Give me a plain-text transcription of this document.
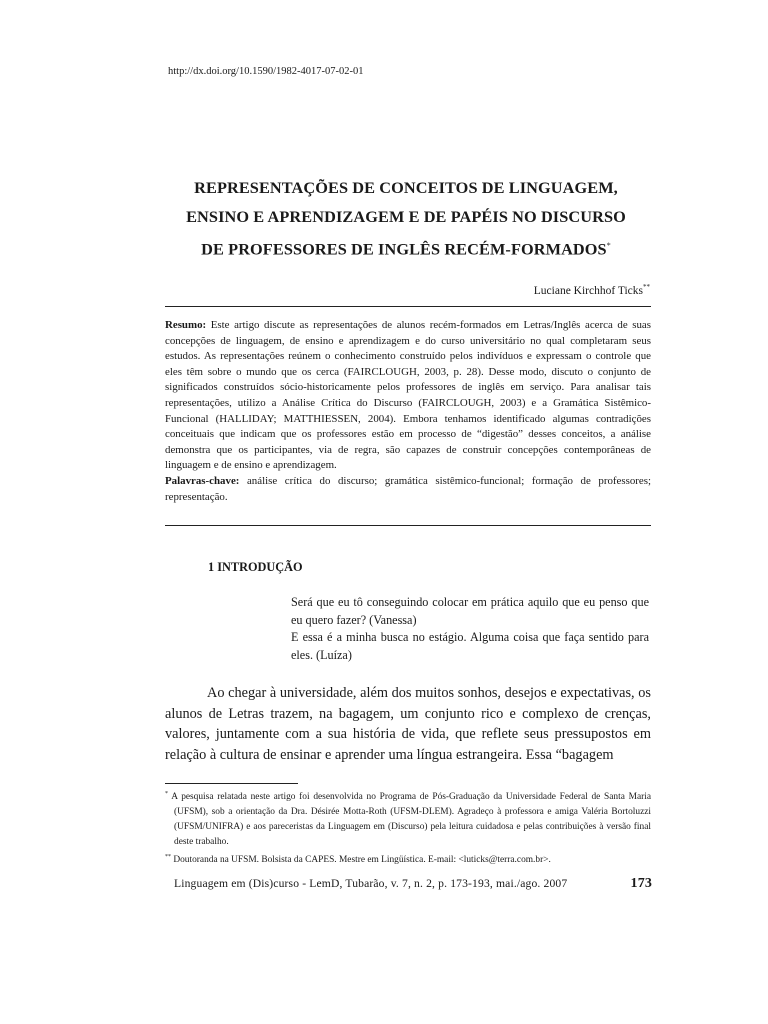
http://dx.doi.org/10.1590/1982-4017-07-02-01
REPRESENTAÇÕES DE CONCEITOS DE LINGUAGEM,
ENSINO E APRENDIZAGEM E DE PAPÉIS NO DISCURSO
DE PROFESSORES DE INGLÊS RECÉM-FORMADOS*
Luciane Kirchhof Ticks**

Resumo: Este artigo discute as representações de alunos recém-formados em Letras/Inglês acerca de suas concepções de linguagem, de ensino e aprendizagem e do curso universitário no qual completaram seus estudos. As representações reúnem o conhecimento construído pelos indivíduos e expressam o controle que eles têm sobre o mundo que os cerca (FAIRCLOUGH, 2003, p. 28). Desse modo, discuto o conjunto de significados construídos sócio-historicamente pelos professores de inglês em serviço. Para analisar tais representações, utilizo a Análise Crítica do Discurso (FAIRCLOUGH, 2003) e a Gramática Sistêmico-Funcional (HALLIDAY; MATTHIESSEN, 2004). Embora tenhamos identificado algumas contradições conceituais que indicam que os professores estão em processo de “digestão” desses conceitos, a análise demonstra que os participantes, via de regra, são capazes de construir concepções contemporâneas de linguagem e de ensino e aprendizagem.
Palavras-chave: análise crítica do discurso; gramática sistêmico-funcional; formação de professores; representação.

1 INTRODUÇÃO

Será que eu tô conseguindo colocar em prática aquilo que eu penso que eu quero fazer? (Vanessa)

E essa é a minha busca no estágio. Alguma coisa que faça sentido para eles. (Luíza)

Ao chegar à universidade, além dos muitos sonhos, desejos e expectativas, os alunos de Letras trazem, na bagagem, um conjunto rico e complexo de crenças, valores, juntamente com a sua história de vida, que reflete seus pressupostos em relação à cultura de ensinar e aprender uma língua estrangeira. Essa “bagagem

* A pesquisa relatada neste artigo foi desenvolvida no Programa de Pós-Graduação da Universidade Federal de Santa Maria (UFSM), sob a orientação da Dra. Désirée Motta-Roth (UFSM-DLEM). Agradeço à professora e amiga Valéria Bortoluzzi (UFSM/UNIFRA) e aos pareceristas da Linguagem em (Discurso) pela leitura cuidadosa e pelas contribuições à versão final deste trabalho.

** Doutoranda na UFSM. Bolsista da CAPES. Mestre em Lingüística. E-mail: <luticks@terra.com.br>.

Linguagem em (Dis)curso - LemD, Tubarão, v. 7, n. 2, p. 173-193, mai./ago. 2007	173
